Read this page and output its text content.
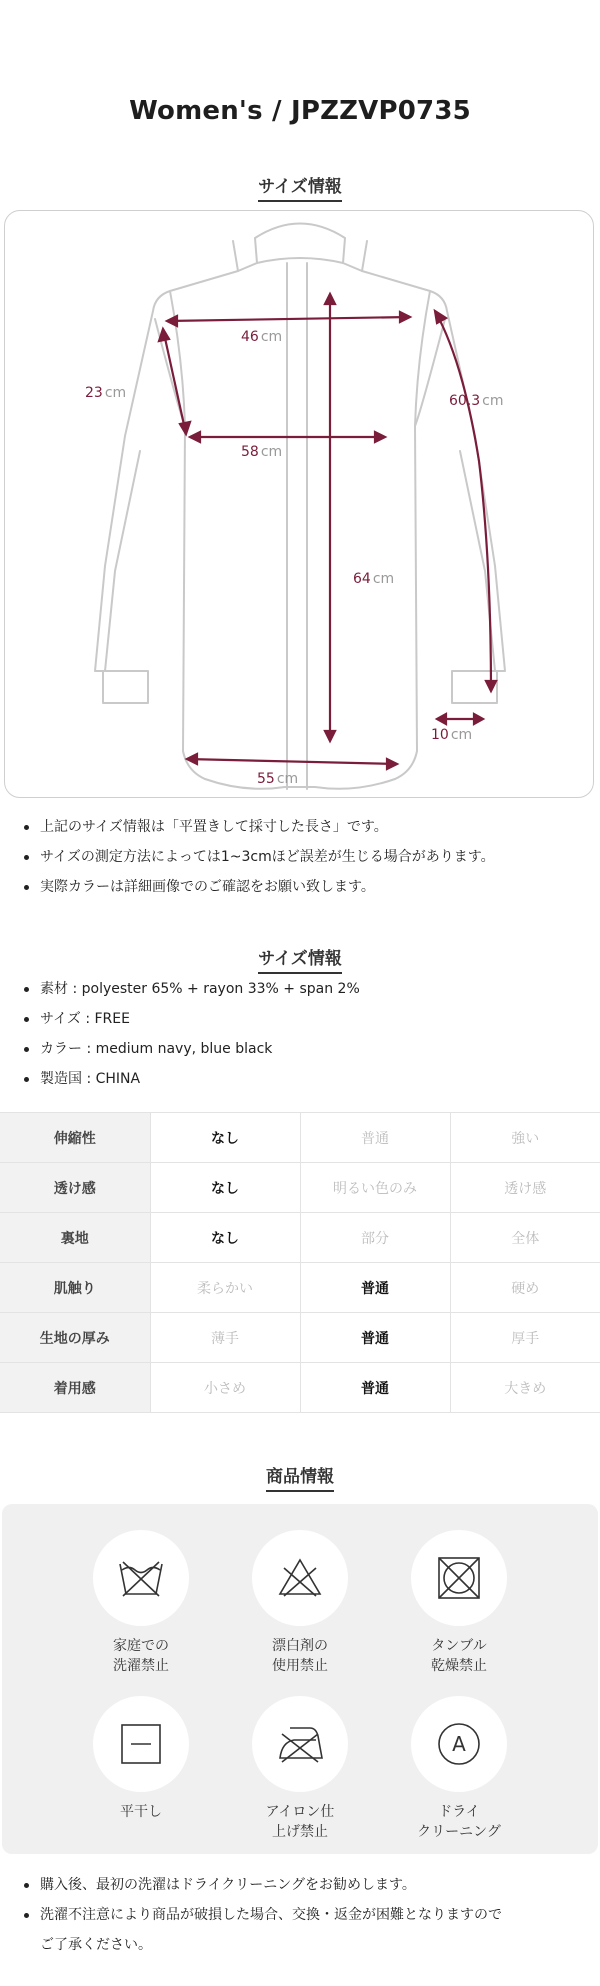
Women's / JPZZVP0735
サイズ情報
46 cm
23 cm
58 cm
60.3 cm
64 cm
10 cm
55 cm
上記のサイズ情報は「平置きして採寸した長さ」です。
サイズの測定方法によっては1~3cmほど誤差が生じる場合があります。
実際カラーは詳細画像でのご確認をお願い致します。
サイズ情報
素材 : polyester 65% + rayon 33% + span 2%
サイズ : FREE
カラー : medium navy, blue black
製造国 : CHINA
伸縮性	なし	普通	強い
透け感	なし	明るい色のみ	透け感
裏地	なし	部分	全体
肌触り	柔らかい	普通	硬め
生地の厚み	薄手	普通	厚手
着用感	小さめ	普通	大きめ
商品情報
家庭での
洗濯禁止
漂白剤の
使用禁止
タンブル
乾燥禁止
平干し	アイロン仕
上げ禁止
A
ドライ
クリーニング
購入後、最初の洗濯はドライクリーニングをお勧めします。
洗濯不注意により商品が破損した場合、交換・返金が困難となりますので
ご了承ください。
